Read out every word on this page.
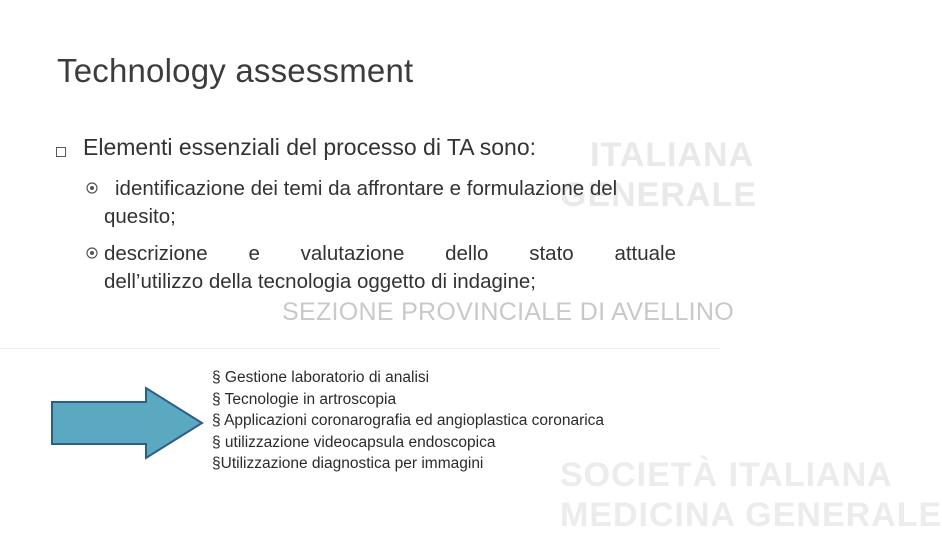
ITALIANA
GENERALE
SOCIETÀ ITALIANA
MEDICINA GENERALE
Technology assessment
Elementi essenziali del processo di TA sono:
identificazione dei temi da affrontare e formulazione del quesito;
descrizione e valutazione dello stato attuale
dell’utilizzo della tecnologia oggetto di indagine;
SEZIONE PROVINCIALE DI AVELLINO
§ Gestione laboratorio di analisi
§ Tecnologie in artroscopia
§ Applicazioni coronarografia ed angioplastica coronarica
§ utilizzazione videocapsula endoscopica
§Utilizzazione diagnostica per immagini
